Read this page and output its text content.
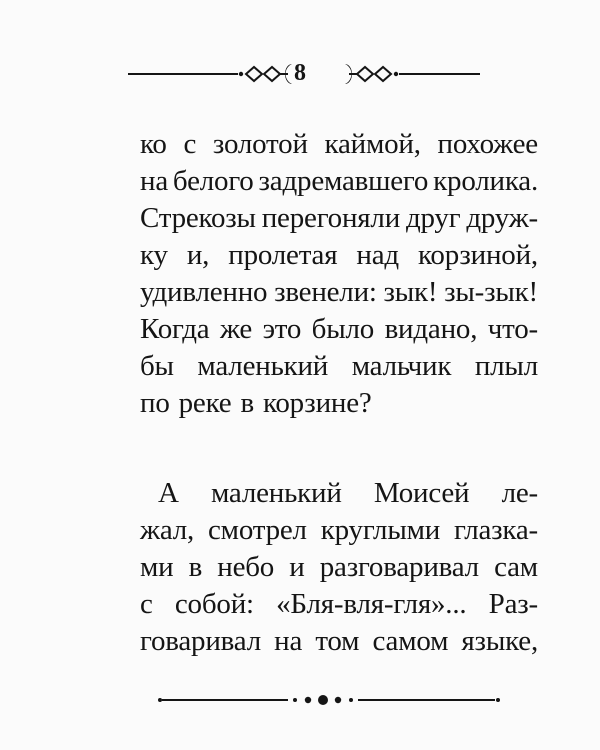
8
ко с золотой каймой, похожее
на белого задремавшего кролика.
Стрекозы перегоняли друг друж-
ку и, пролетая над корзиной,
удивленно звенели: зык! зы-зык!
Когда же это было видано, что-
бы маленький мальчик плыл
по реке в корзине?
А маленький Моисей ле-
жал, смотрел круглыми глазка-
ми в небо и разговаривал сам
с собой: «Бля-вля-гля»... Раз-
говаривал на том самом языке,
